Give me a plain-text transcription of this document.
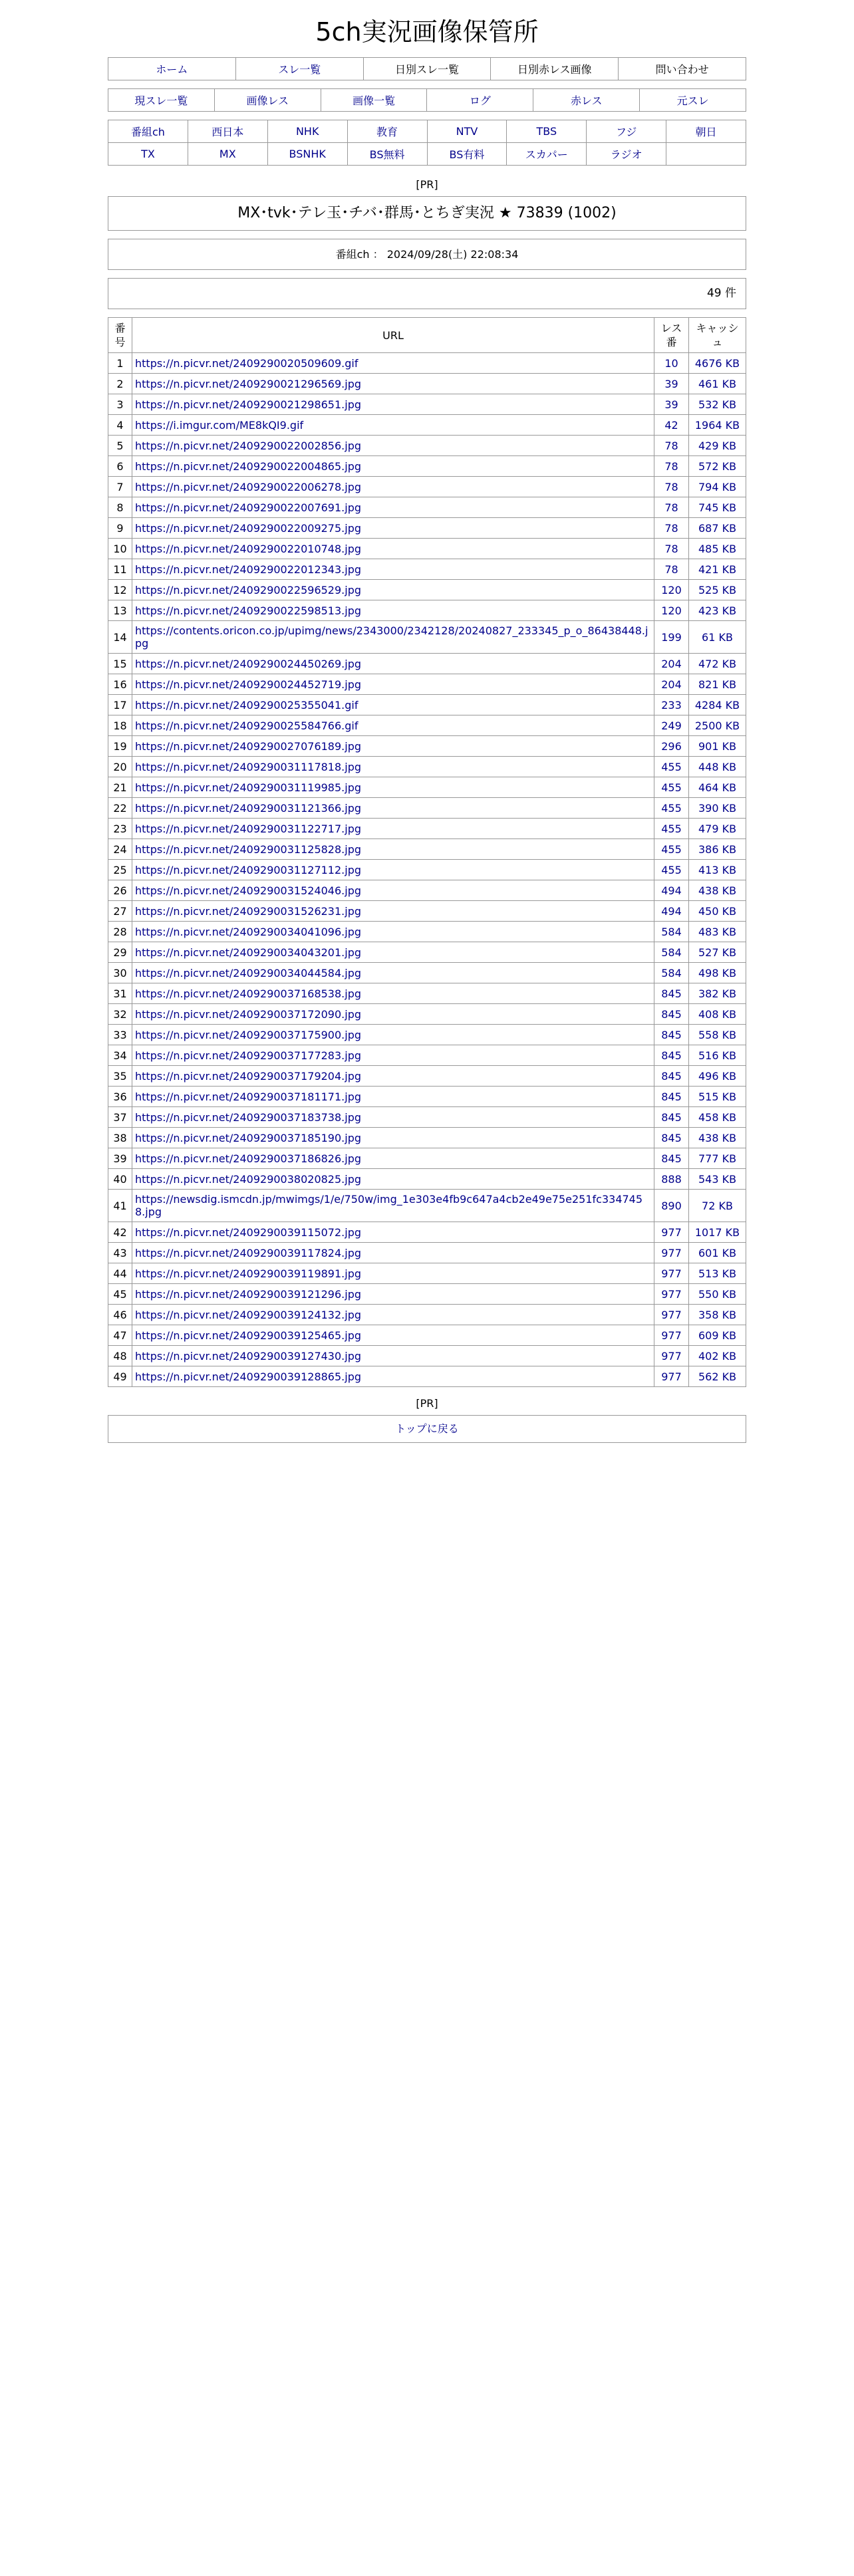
5ch実況画像保管所
ホーム	スレ一覧	日別スレ一覧	日別赤レス画像	問い合わせ
現スレ一覧	画像レス	画像一覧	ログ	赤レス	元スレ
番組ch	西日本	NHK	教育	NTV	TBS	フジ	朝日
TX	MX	BSNHK	BS無料	BS有料	スカパー	ラジオ	
[PR]
MX･tvk･テレ玉･チバ･群馬･とちぎ実況 ★ 73839 (1002)
番組ch ： 2024/09/28(土) 22:08:34
49 件
番号	URL	レス番	キャッシュ
1	https://n.picvr.net/2409290020509609.gif	10	4676 KB
2	https://n.picvr.net/2409290021296569.jpg	39	461 KB
3	https://n.picvr.net/2409290021298651.jpg	39	532 KB
4	https://i.imgur.com/ME8kQI9.gif	42	1964 KB
5	https://n.picvr.net/2409290022002856.jpg	78	429 KB
6	https://n.picvr.net/2409290022004865.jpg	78	572 KB
7	https://n.picvr.net/2409290022006278.jpg	78	794 KB
8	https://n.picvr.net/2409290022007691.jpg	78	745 KB
9	https://n.picvr.net/2409290022009275.jpg	78	687 KB
10	https://n.picvr.net/2409290022010748.jpg	78	485 KB
11	https://n.picvr.net/2409290022012343.jpg	78	421 KB
12	https://n.picvr.net/2409290022596529.jpg	120	525 KB
13	https://n.picvr.net/2409290022598513.jpg	120	423 KB
14	https://contents.oricon.co.jp/upimg/news/2343000/2342128/20240827_233345_p_o_86438448.jpg	199	61 KB
15	https://n.picvr.net/2409290024450269.jpg	204	472 KB
16	https://n.picvr.net/2409290024452719.jpg	204	821 KB
17	https://n.picvr.net/2409290025355041.gif	233	4284 KB
18	https://n.picvr.net/2409290025584766.gif	249	2500 KB
19	https://n.picvr.net/2409290027076189.jpg	296	901 KB
20	https://n.picvr.net/2409290031117818.jpg	455	448 KB
21	https://n.picvr.net/2409290031119985.jpg	455	464 KB
22	https://n.picvr.net/2409290031121366.jpg	455	390 KB
23	https://n.picvr.net/2409290031122717.jpg	455	479 KB
24	https://n.picvr.net/2409290031125828.jpg	455	386 KB
25	https://n.picvr.net/2409290031127112.jpg	455	413 KB
26	https://n.picvr.net/2409290031524046.jpg	494	438 KB
27	https://n.picvr.net/2409290031526231.jpg	494	450 KB
28	https://n.picvr.net/2409290034041096.jpg	584	483 KB
29	https://n.picvr.net/2409290034043201.jpg	584	527 KB
30	https://n.picvr.net/2409290034044584.jpg	584	498 KB
31	https://n.picvr.net/2409290037168538.jpg	845	382 KB
32	https://n.picvr.net/2409290037172090.jpg	845	408 KB
33	https://n.picvr.net/2409290037175900.jpg	845	558 KB
34	https://n.picvr.net/2409290037177283.jpg	845	516 KB
35	https://n.picvr.net/2409290037179204.jpg	845	496 KB
36	https://n.picvr.net/2409290037181171.jpg	845	515 KB
37	https://n.picvr.net/2409290037183738.jpg	845	458 KB
38	https://n.picvr.net/2409290037185190.jpg	845	438 KB
39	https://n.picvr.net/2409290037186826.jpg	845	777 KB
40	https://n.picvr.net/2409290038020825.jpg	888	543 KB
41	https://newsdig.ismcdn.jp/mwimgs/1/e/750w/img_1e303e4fb9c647a4cb2e49e75e251fc334745 8.jpg	890	72 KB
42	https://n.picvr.net/2409290039115072.jpg	977	1017 KB
43	https://n.picvr.net/2409290039117824.jpg	977	601 KB
44	https://n.picvr.net/2409290039119891.jpg	977	513 KB
45	https://n.picvr.net/2409290039121296.jpg	977	550 KB
46	https://n.picvr.net/2409290039124132.jpg	977	358 KB
47	https://n.picvr.net/2409290039125465.jpg	977	609 KB
48	https://n.picvr.net/2409290039127430.jpg	977	402 KB
49	https://n.picvr.net/2409290039128865.jpg	977	562 KB
[PR]
トップに戻る
